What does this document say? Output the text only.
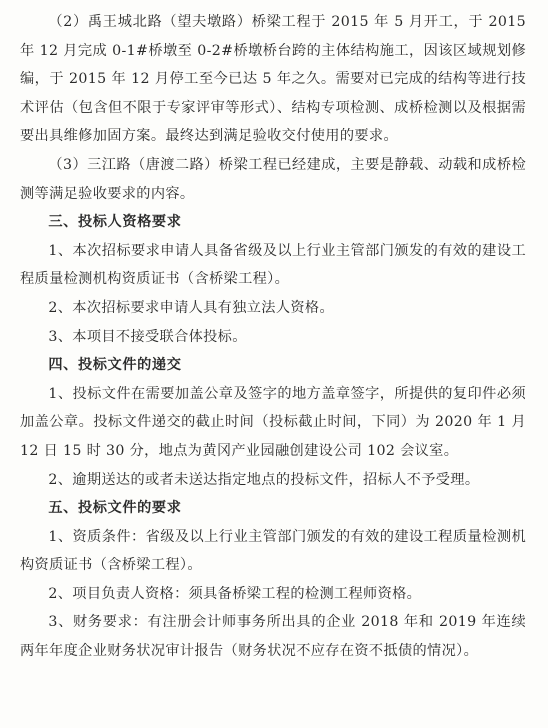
（2）禹王城北路（望夫墩路）桥梁工程于 2015 年 5 月开工，于 2015 年 12 月完成 0-1#桥墩至 0-2#桥墩桥台跨的主体结构施工，因该区域规划修编，于 2015 年 12 月停工至今已达 5 年之久。需要对已完成的结构等进行技术评估（包含但不限于专家评审等形式）、结构专项检测、成桥检测以及根据需要出具维修加固方案。最终达到满足验收交付使用的要求。

（3）三江路（唐渡二路）桥梁工程已经建成，主要是静载、动载和成桥检测等满足验收要求的内容。

三、投标人资格要求

1、本次招标要求申请人具备省级及以上行业主管部门颁发的有效的建设工程质量检测机构资质证书（含桥梁工程）。

2、本次招标要求申请人具有独立法人资格。

3、本项目不接受联合体投标。

四、投标文件的递交

1、投标文件在需要加盖公章及签字的地方盖章签字，所提供的复印件必须加盖公章。投标文件递交的截止时间（投标截止时间，下同）为 2020 年 1 月 12 日 15 时 30 分，地点为黄冈产业园融创建设公司 102 会议室。

2、逾期送达的或者未送达指定地点的投标文件，招标人不予受理。

五、投标文件的要求

1、资质条件：省级及以上行业主管部门颁发的有效的建设工程质量检测机构资质证书（含桥梁工程）。

2、项目负责人资格：须具备桥梁工程的检测工程师资格。

3、财务要求：有注册会计师事务所出具的企业 2018 年和 2019 年连续两年年度企业财务状况审计报告（财务状况不应存在资不抵债的情况）。
